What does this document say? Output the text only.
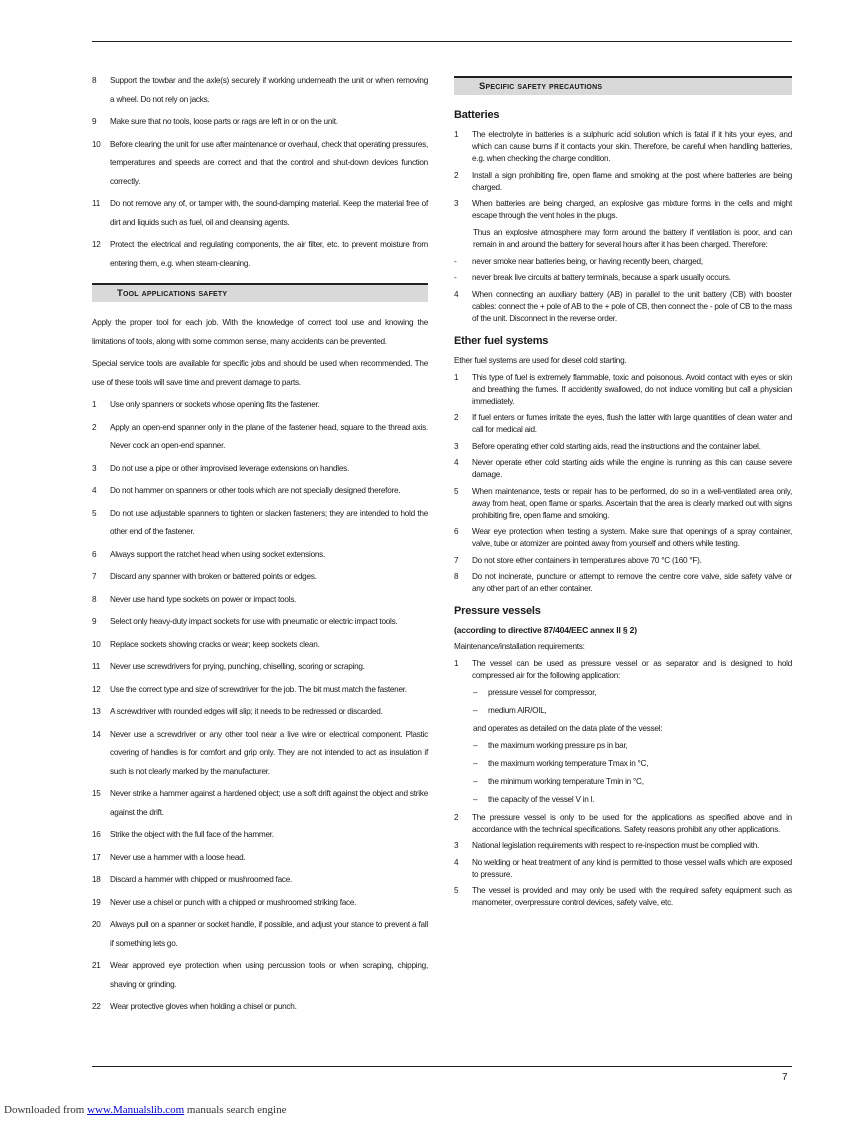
8	Support the towbar and the axle(s) securely if working underneath the unit or when removing a wheel. Do not rely on jacks.
9	Make sure that no tools, loose parts or rags are left in or on the unit.
10	Before clearing the unit for use after maintenance or overhaul, check that operating pressures, temperatures and speeds are correct and that the control and shut-down devices function correctly.
11	Do not remove any of, or tamper with, the sound-damping material. Keep the material free of dirt and liquids such as fuel, oil and cleansing agents.
12	Protect the electrical and regulating components, the air filter, etc. to prevent moisture from entering them, e.g. when steam-cleaning.
Tool applications safety
Apply the proper tool for each job. With the knowledge of correct tool use and knowing the limitations of tools, along with some common sense, many accidents can be prevented.
Special service tools are available for specific jobs and should be used when recommended. The use of these tools will save time and prevent damage to parts.
1	Use only spanners or sockets whose opening fits the fastener.
2	Apply an open-end spanner only in the plane of the fastener head, square to the thread axis. Never cock an open-end spanner.
3	Do not use a pipe or other improvised leverage extensions on handles.
4	Do not hammer on spanners or other tools which are not specially designed therefore.
5	Do not use adjustable spanners to tighten or slacken fasteners; they are intended to hold the other end of the fastener.
6	Always support the ratchet head when using socket extensions.
7	Discard any spanner with broken or battered points or edges.
8	Never use hand type sockets on power or impact tools.
9	Select only heavy-duty impact sockets for use with pneumatic or electric impact tools.
10	Replace sockets showing cracks or wear; keep sockets clean.
11	Never use screwdrivers for prying, punching, chiselling, scoring or scraping.
12	Use the correct type and size of screwdriver for the job. The bit must match the fastener.
13	A screwdriver with rounded edges will slip; it needs to be redressed or discarded.
14	Never use a screwdriver or any other tool near a live wire or electrical component. Plastic covering of handles is for comfort and grip only. They are not intended to act as insulation if such is not clearly marked by the manufacturer.
15	Never strike a hammer against a hardened object; use a soft drift against the object and strike against the drift.
16	Strike the object with the full face of the hammer.
17	Never use a hammer with a loose head.
18	Discard a hammer with chipped or mushroomed face.
19	Never use a chisel or punch with a chipped or mushroomed striking face.
20	Always pull on a spanner or socket handle, if possible, and adjust your stance to prevent a fall if something lets go.
21	Wear approved eye protection when using percussion tools or when scraping, chipping, shaving or grinding.
22	Wear protective gloves when holding a chisel or punch.
Specific safety precautions
Batteries
1	The electrolyte in batteries is a sulphuric acid solution which is fatal if it hits your eyes, and which can cause burns if it contacts your skin. Therefore, be careful when handling batteries, e.g. when checking the charge condition.
2	Install a sign prohibiting fire, open flame and smoking at the post where batteries are being charged.
3	When batteries are being charged, an explosive gas mixture forms in the cells and might escape through the vent holes in the plugs.
Thus an explosive atmosphere may form around the battery if ventilation is poor, and can remain in and around the battery for several hours after it has been charged. Therefore:
-	never smoke near batteries being, or having recently been, charged,
-	never break live circuits at battery terminals, because a spark usually occurs.
4	When connecting an auxiliary battery (AB) in parallel to the unit battery (CB) with booster cables: connect the + pole of AB to the + pole of CB, then connect the - pole of CB to the mass of the unit. Disconnect in the reverse order.
Ether fuel systems
Ether fuel systems are used for diesel cold starting.
1	This type of fuel is extremely flammable, toxic and poisonous. Avoid contact with eyes or skin and breathing the fumes. If accidently swallowed, do not induce vomiting but call a physician immediately.
2	If fuel enters or fumes irritate the eyes, flush the latter with large quantities of clean water and call for medical aid.
3	Before operating ether cold starting aids, read the instructions and the container label.
4	Never operate ether cold starting aids while the engine is running as this can cause severe damage.
5	When maintenance, tests or repair has to be performed, do so in a well-ventilated area only, away from heat, open flame or sparks. Ascertain that the area is clearly marked out with signs prohibiting fire, open flame and smoking.
6	Wear eye protection when testing a system. Make sure that openings of a spray container, valve, tube or atomizer are pointed away from yourself and others while testing.
7	Do not store ether containers in temperatures above 70 °C (160 °F).
8	Do not incinerate, puncture or attempt to remove the centre core valve, side safety valve or any other part of an ether container.
Pressure vessels
(according to directive 87/404/EEC annex II § 2)
Maintenance/installation requirements:
1	The vessel can be used as pressure vessel or as separator and is designed to hold compressed air for the following application:
–	pressure vessel for compressor,
–	medium AIR/OIL,
and operates as detailed on the data plate of the vessel:
–	the maximum working pressure ps in bar,
–	the maximum working temperature Tmax in °C,
–	the minimum working temperature Tmin in °C,
–	the capacity of the vessel V in l.
2	The pressure vessel is only to be used for the applications as specified above and in accordance with the technical specifications. Safety reasons prohibit any other applications.
3	National legislation requirements with respect to re-inspection must be complied with.
4	No welding or heat treatment of any kind is permitted to those vessel walls which are exposed to pressure.
5	The vessel is provided and may only be used with the required safety equipment such as manometer, overpressure control devices, safety valve, etc.
7
Downloaded from www.Manualslib.com manuals search engine
